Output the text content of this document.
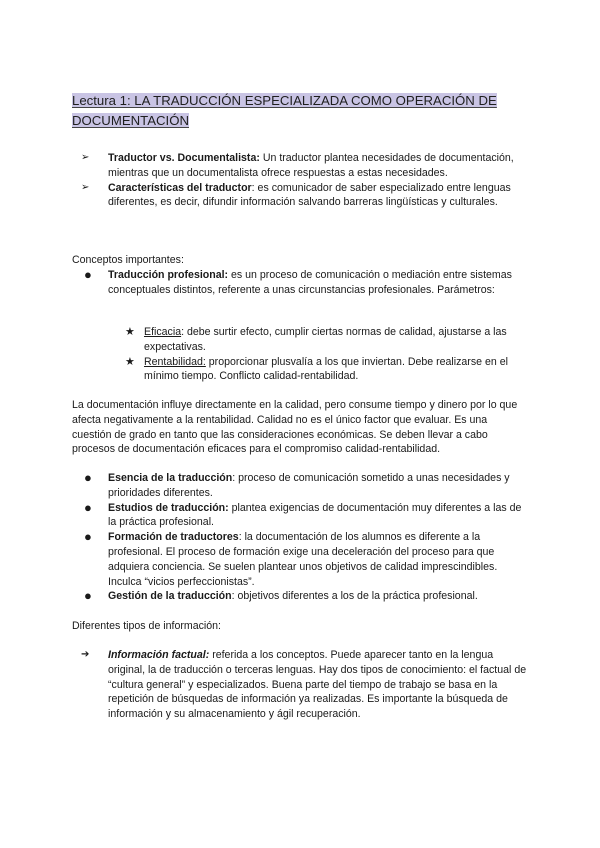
Lectura 1: LA TRADUCCIÓN ESPECIALIZADA COMO OPERACIÓN DE DOCUMENTACIÓN
➢	Traductor vs. Documentalista: Un traductor plantea necesidades de documentación, mientras que un documentalista ofrece respuestas a estas necesidades.
➢	Características del traductor: es comunicador de saber especializado entre lenguas diferentes, es decir, difundir información salvando barreras lingüísticas y culturales.

Conceptos importantes:

●	Traducción profesional: es un proceso de comunicación o mediación entre sistemas conceptuales distintos, referente a unas circunstancias profesionales. Parámetros:
★ Eficacia: debe surtir efecto, cumplir ciertas normas de calidad, ajustarse a las expectativas.
★ Rentabilidad: proporcionar plusvalía a los que inviertan. Debe realizarse en el mínimo tiempo. Conflicto calidad-rentabilidad.

La documentación influye directamente en la calidad, pero consume tiempo y dinero por lo que afecta negativamente a la rentabilidad. Calidad no es el único factor que evaluar. Es una cuestión de grado en tanto que las consideraciones económicas. Se deben llevar a cabo procesos de documentación eficaces para el compromiso calidad-rentabilidad.

●	Esencia de la traducción: proceso de comunicación sometido a unas necesidades y prioridades diferentes.
●	Estudios de traducción: plantea exigencias de documentación muy diferentes a las de la práctica profesional.
●	Formación de traductores: la documentación de los alumnos es diferente a la profesional. El proceso de formación exige una deceleración del proceso para que adquiera conciencia. Se suelen plantear unos objetivos de calidad imprescindibles. Inculca “vicios perfeccionistas”.
●	Gestión de la traducción: objetivos diferentes a los de la práctica profesional.

Diferentes tipos de información:

➔	Información factual: referida a los conceptos. Puede aparecer tanto en la lengua original, la de traducción o terceras lenguas. Hay dos tipos de conocimiento: el factual de “cultura general” y especializados. Buena parte del tiempo de trabajo se basa en la repetición de búsquedas de información ya realizadas. Es importante la búsqueda de información y su almacenamiento y ágil recuperación.
